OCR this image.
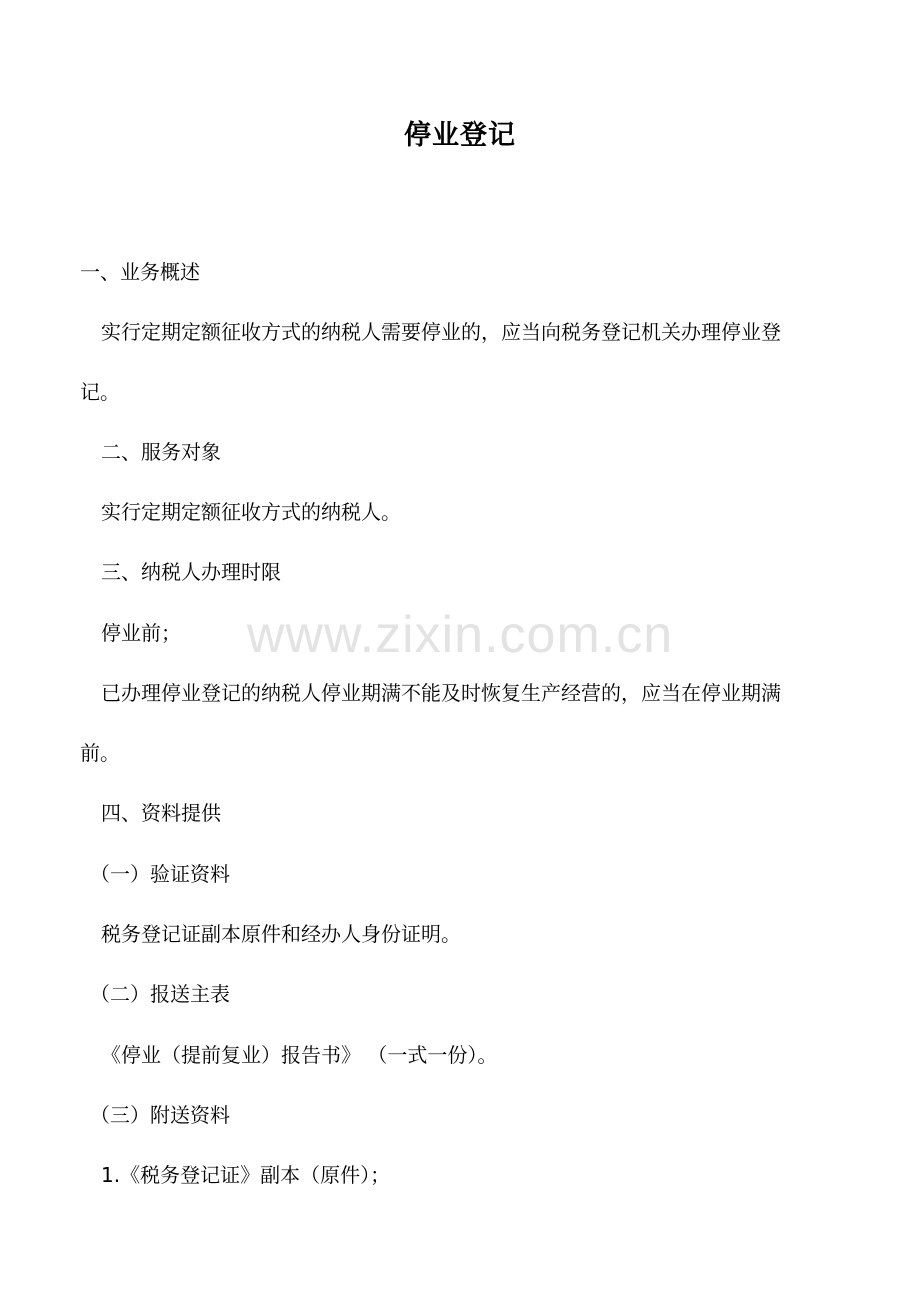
停业登记
一、业务概述
实行定期定额征收方式的纳税人需要停业的，应当向税务登记机关办理停业登
记。
二、服务对象
实行定期定额征收方式的纳税人。
三、纳税人办理时限
停业前；
已办理停业登记的纳税人停业期满不能及时恢复生产经营的，应当在停业期满
前。
四、资料提供
（一）验证资料
税务登记证副本原件和经办人身份证明。
（二）报送主表
《停业（提前复业）报告书》 （一式一份）。
（三）附送资料
1.《税务登记证》副本（原件）；
www.zixin.com.cn
